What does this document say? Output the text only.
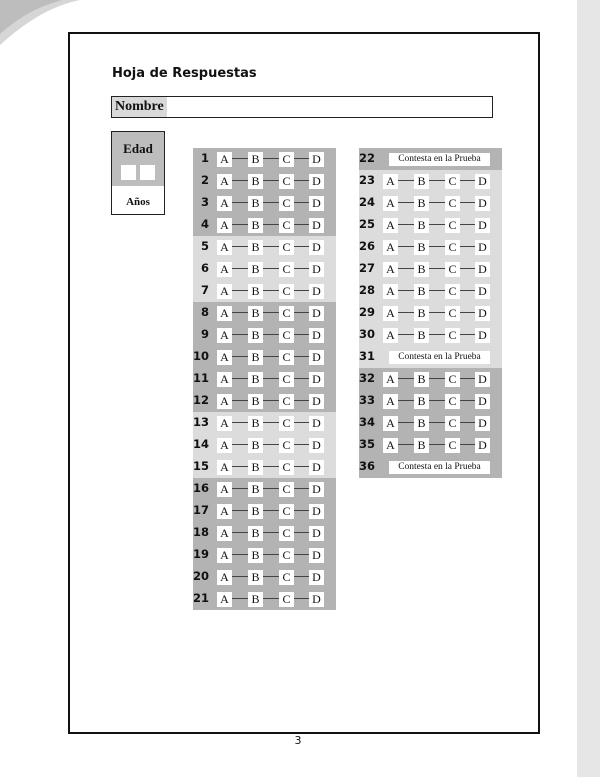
Hoja de Respuestas
Nombre
Edad
Años
1 A B C D
2 A B C D
3 A B C D
4 A B C D
5 A B C D
6 A B C D
7 A B C D
8 A B C D
9 A B C D
10 A B C D
11 A B C D
12 A B C D
13 A B C D
14 A B C D
15 A B C D
16 A B C D
17 A B C D
18 A B C D
19 A B C D
20 A B C D
21 A B C D
22	Contesta en la Prueba
23 A B C D
24 A B C D
25 A B C D
26 A B C D
27 A B C D
28 A B C D
29 A B C D
30 A B C D
31	Contesta en la Prueba
32 A B C D
33 A B C D
34 A B C D
35 A B C D
36	Contesta en la Prueba
3
